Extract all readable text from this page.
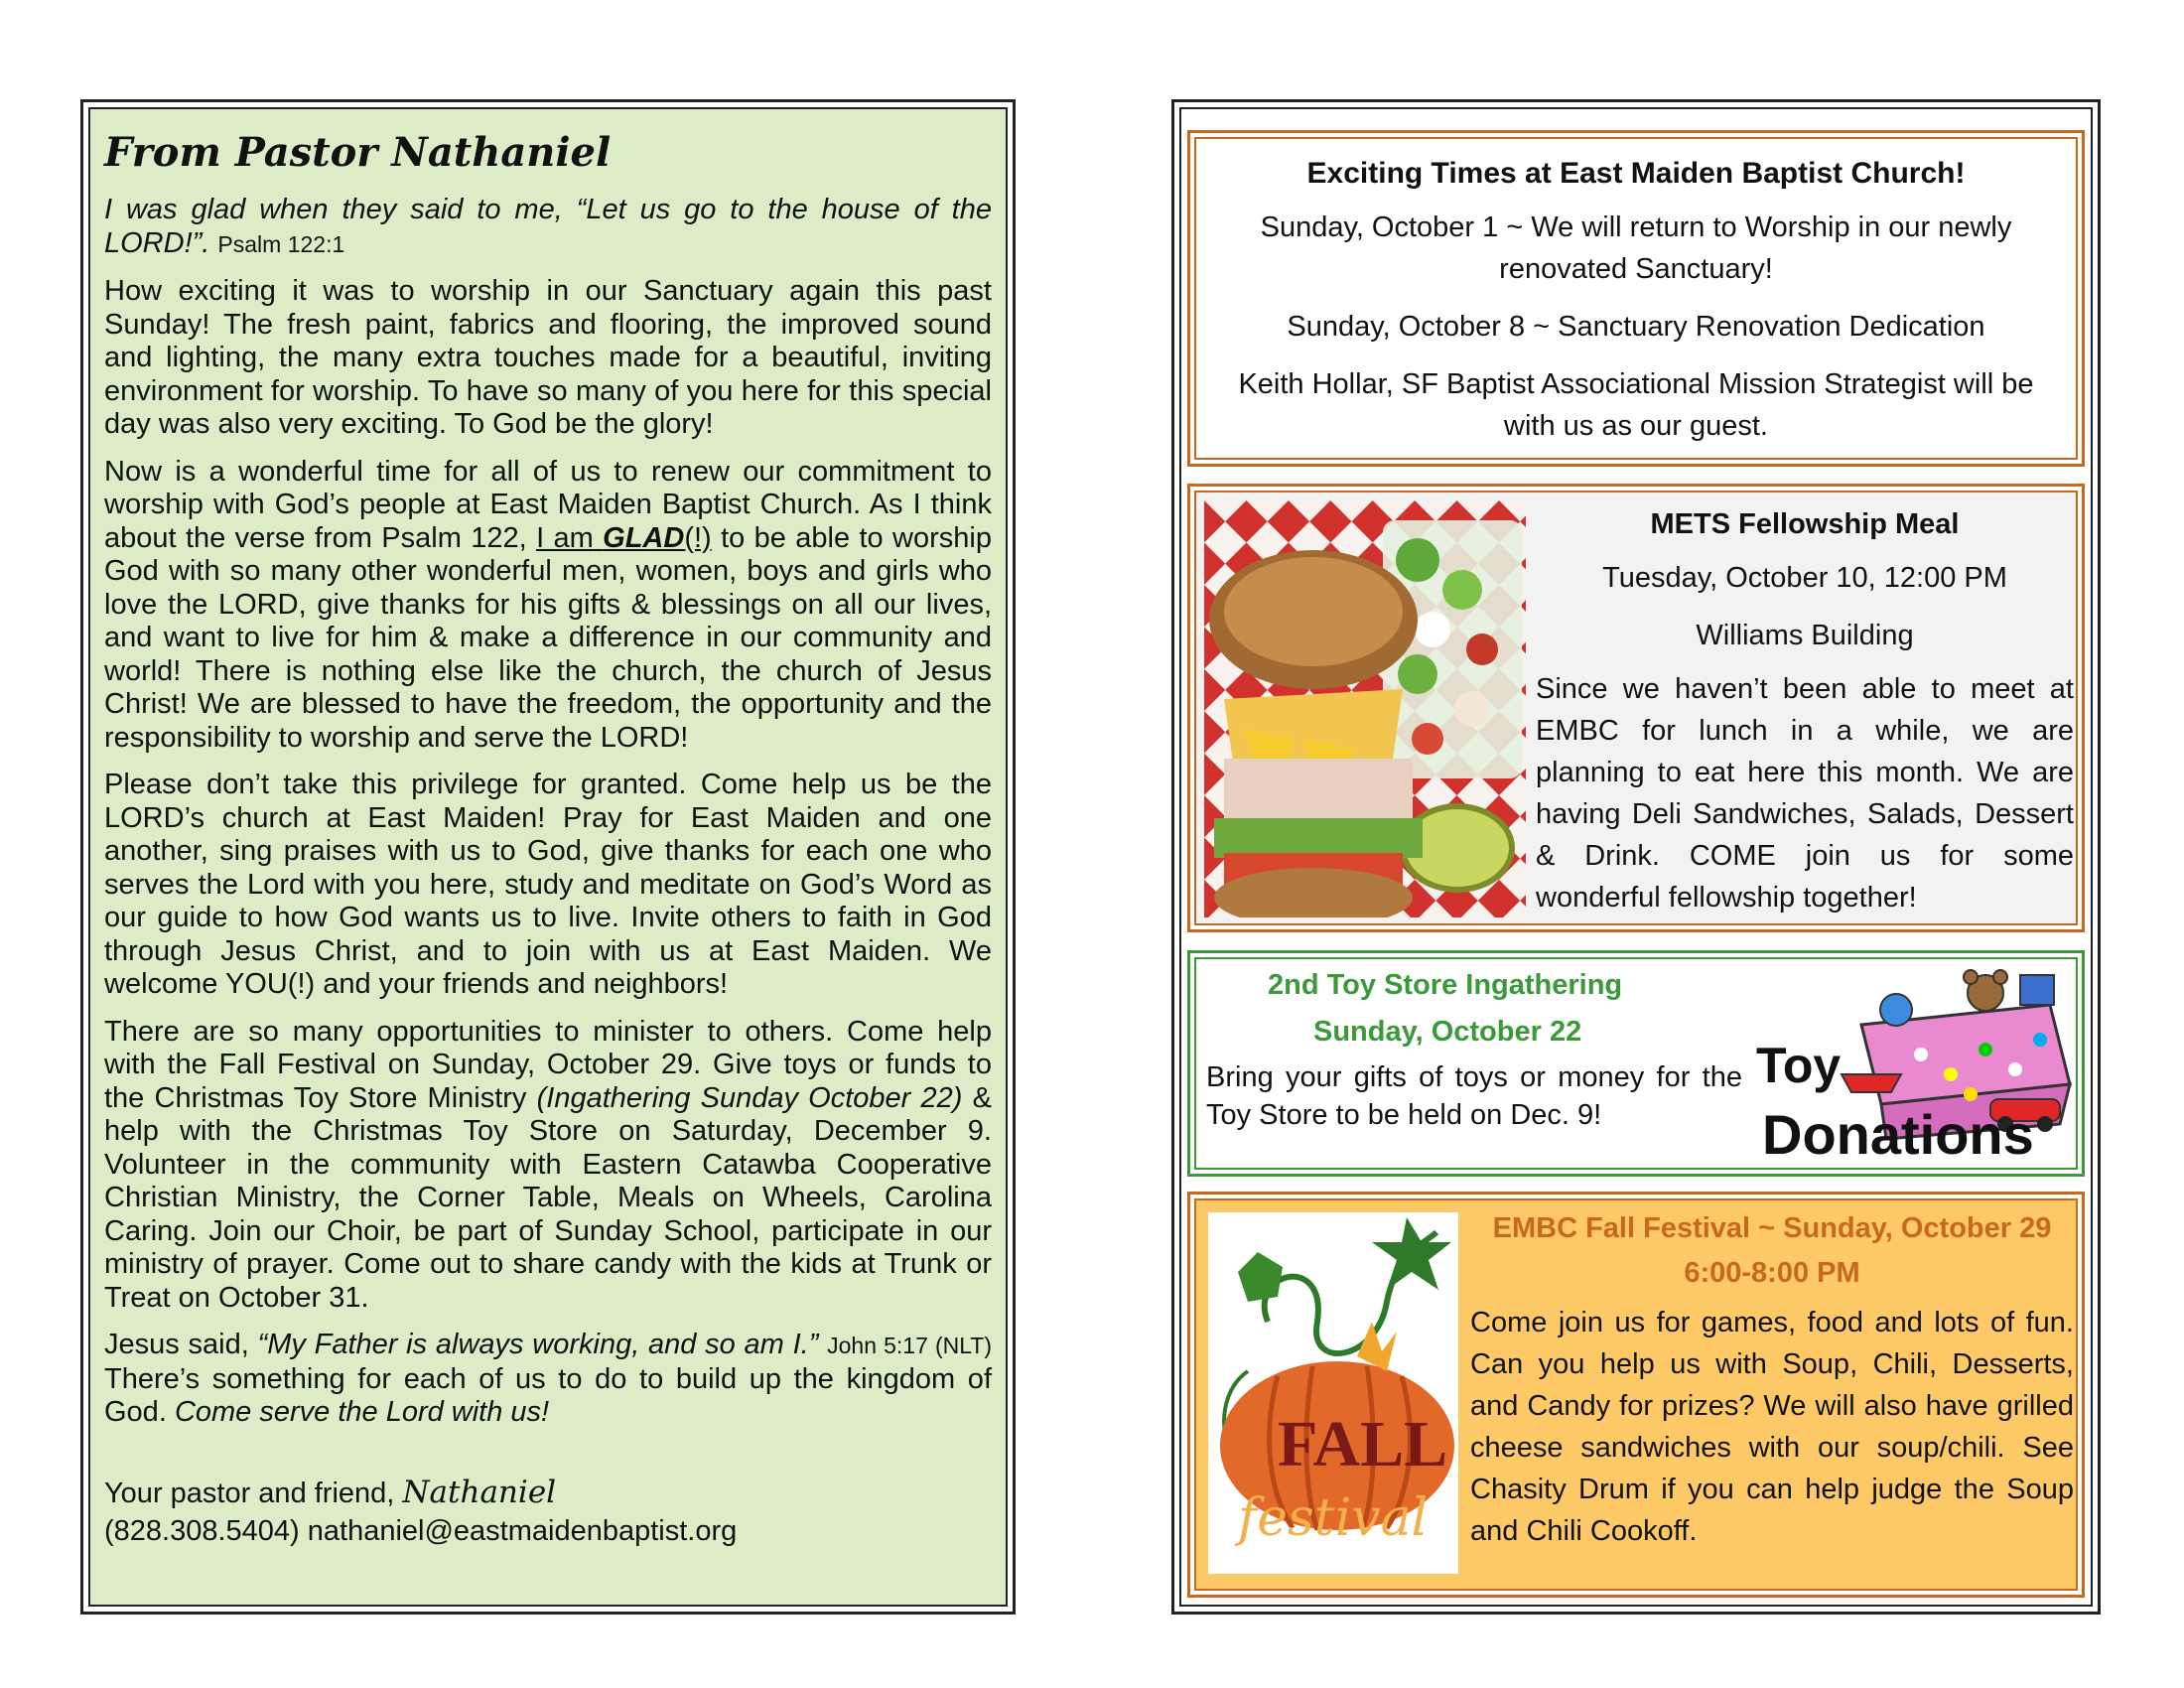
From Pastor Nathaniel

I was glad when they said to me, “Let us go to the house of the LORD!”. Psalm 122:1

How exciting it was to worship in our Sanctuary again this past Sunday! The fresh paint, fabrics and flooring, the improved sound and lighting, the many extra touches made for a beautiful, inviting environment for worship. To have so many of you here for this special day was also very exciting. To God be the glory!

Now is a wonderful time for all of us to renew our commitment to worship with God’s people at East Maiden Baptist Church. As I think about the verse from Psalm 122, I am GLAD(!) to be able to worship God with so many other wonderful men, women, boys and girls who love the LORD, give thanks for his gifts & blessings on all our lives, and want to live for him & make a difference in our community and world! There is nothing else like the church, the church of Jesus Christ! We are blessed to have the freedom, the opportunity and the responsibility to worship and serve the LORD!

Please don’t take this privilege for granted. Come help us be the LORD’s church at East Maiden! Pray for East Maiden and one another, sing praises with us to God, give thanks for each one who serves the Lord with you here, study and meditate on God’s Word as our guide to how God wants us to live. Invite others to faith in God through Jesus Christ, and to join with us at East Maiden. We welcome YOU(!) and your friends and neighbors!

There are so many opportunities to minister to others. Come help with the Fall Festival on Sunday, October 29. Give toys or funds to the Christmas Toy Store Ministry (Ingathering Sunday October 22) & help with the Christmas Toy Store on Saturday, December 9. Volunteer in the community with Eastern Catawba Cooperative Christian Ministry, the Corner Table, Meals on Wheels, Carolina Caring. Join our Choir, be part of Sunday School, participate in our ministry of prayer. Come out to share candy with the kids at Trunk or Treat on October 31.

Jesus said, “My Father is always working, and so am I.” John 5:17 (NLT) There’s something for each of us to do to build up the kingdom of God. Come serve the Lord with us!

Your pastor and friend, Nathaniel

(828.308.5404) nathaniel@eastmaidenbaptist.org

Exciting Times at East Maiden Baptist Church!

Sunday, October 1 ~ We will return to Worship in our newly renovated Sanctuary!

Sunday, October 8 ~ Sanctuary Renovation Dedication

Keith Hollar, SF Baptist Associational Mission Strategist will be with us as our guest.

METS Fellowship Meal

Tuesday, October 10, 12:00 PM

Williams Building

Since we haven’t been able to meet at EMBC for lunch in a while, we are planning to eat here this month. We are having Deli Sandwiches, Salads, Dessert & Drink. COME join us for some wonderful fellowship together!

2nd Toy Store Ingathering

Sunday, October 22

Bring your gifts of toys or money for the Toy Store to be held on Dec. 9!

Toy
Donations
FALL
festival

EMBC Fall Festival ~ Sunday, October 29

6:00-8:00 PM

Come join us for games, food and lots of fun. Can you help us with Soup, Chili, Desserts, and Candy for prizes? We will also have grilled cheese sandwiches with our soup/chili. See Chasity Drum if you can help judge the Soup and Chili Cookoff.
